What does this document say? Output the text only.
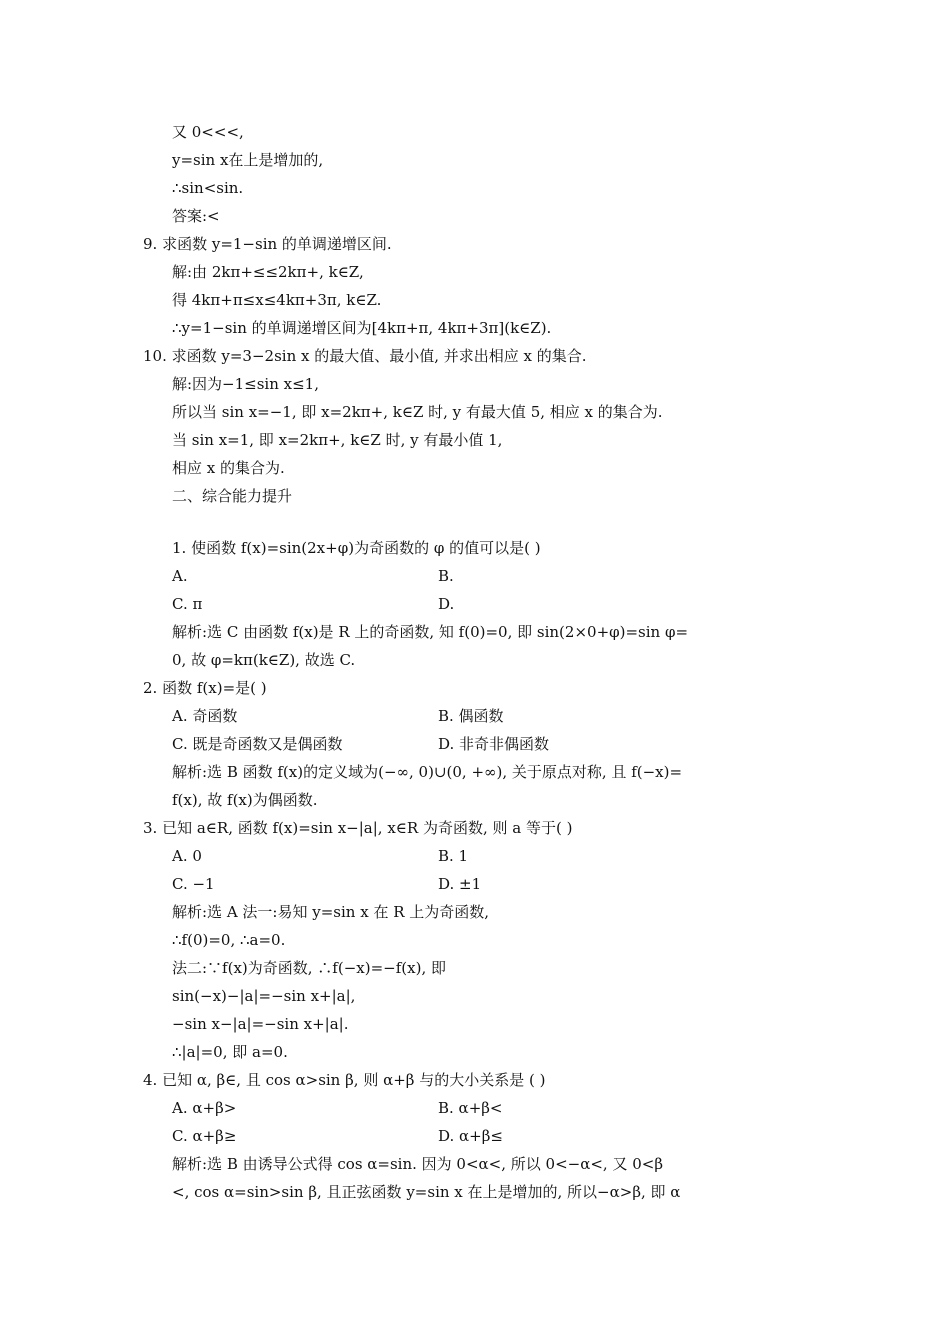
又 0<<<,
y=sin x在上是增加的,
∴sin<sin.
答案:<
9. 求函数 y=1−sin 的单调递增区间.
解:由 2kπ+≤≤2kπ+, k∈Z,
得 4kπ+π≤x≤4kπ+3π, k∈Z.
∴y=1−sin 的单调递增区间为[4kπ+π, 4kπ+3π](k∈Z).
10. 求函数 y=3−2sin x 的最大值、最小值, 并求出相应 x 的集合.
解:因为−1≤sin x≤1,
所以当 sin x=−1, 即 x=2kπ+, k∈Z 时, y 有最大值 5, 相应 x 的集合为.
当 sin x=1, 即 x=2kπ+, k∈Z 时, y 有最小值 1,
相应 x 的集合为.
二、综合能力提升
1. 使函数 f(x)=sin(2x+φ)为奇函数的 φ 的值可以是( )
A.	B.
C. π	D.
解析:选 C 由函数 f(x)是 R 上的奇函数, 知 f(0)=0, 即 sin(2×0+φ)=sin φ=
0, 故 φ=kπ(k∈Z), 故选 C.
2. 函数 f(x)=是( )
A. 奇函数	B. 偶函数
C. 既是奇函数又是偶函数	D. 非奇非偶函数
解析:选 B 函数 f(x)的定义域为(−∞, 0)∪(0, +∞), 关于原点对称, 且 f(−x)=
f(x), 故 f(x)为偶函数.
3. 已知 a∈R, 函数 f(x)=sin x−|a|, x∈R 为奇函数, 则 a 等于( )
A. 0	B. 1
C. −1	D. ±1
解析:选 A 法一:易知 y=sin x 在 R 上为奇函数,
∴f(0)=0, ∴a=0.
法二:∵f(x)为奇函数, ∴f(−x)=−f(x), 即
sin(−x)−|a|=−sin x+|a|,
−sin x−|a|=−sin x+|a|.
∴|a|=0, 即 a=0.
4. 已知 α, β∈, 且 cos α>sin β, 则 α+β 与的大小关系是 ( )
A. α+β>	B. α+β<
C. α+β≥	D. α+β≤
解析:选 B 由诱导公式得 cos α=sin. 因为 0<α<, 所以 0<−α<, 又 0<β
<, cos α=sin>sin β, 且正弦函数 y=sin x 在上是增加的, 所以−α>β, 即 α
